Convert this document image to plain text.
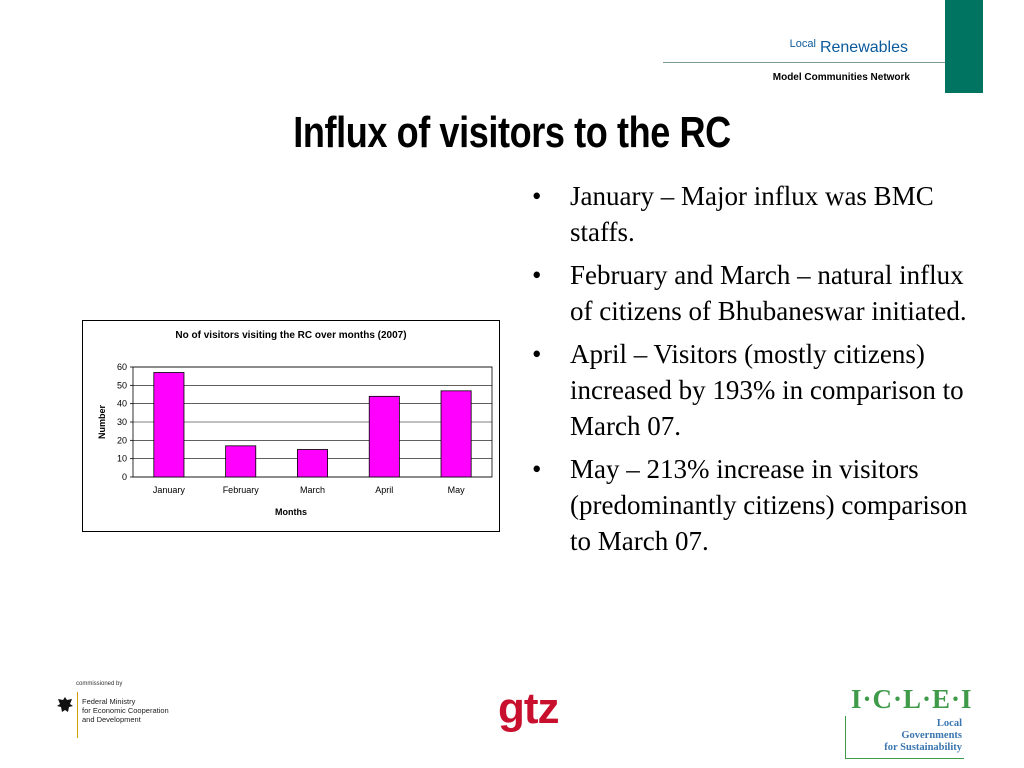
$^{Local}$ Renewables
Model Communities Network
Influx of visitors to the RC
No of visitors visiting the RC over months (2007)
0
10
20
30
40
50
60
January	February	March	April	May
Months
Number
• January – Major influx was BMC staffs.
• February and March – natural influx of citizens of Bhubaneswar initiated.
• April – Visitors (mostly citizens) increased by 193% in comparison to March 07.
• May – 213% increase in visitors (predominantly citizens) comparison to March 07.
commissioned by
Federal Ministry
for Economic Cooperation
and Development	gtz	I·C·L·E·I
Local
Governments
for Sustainability
